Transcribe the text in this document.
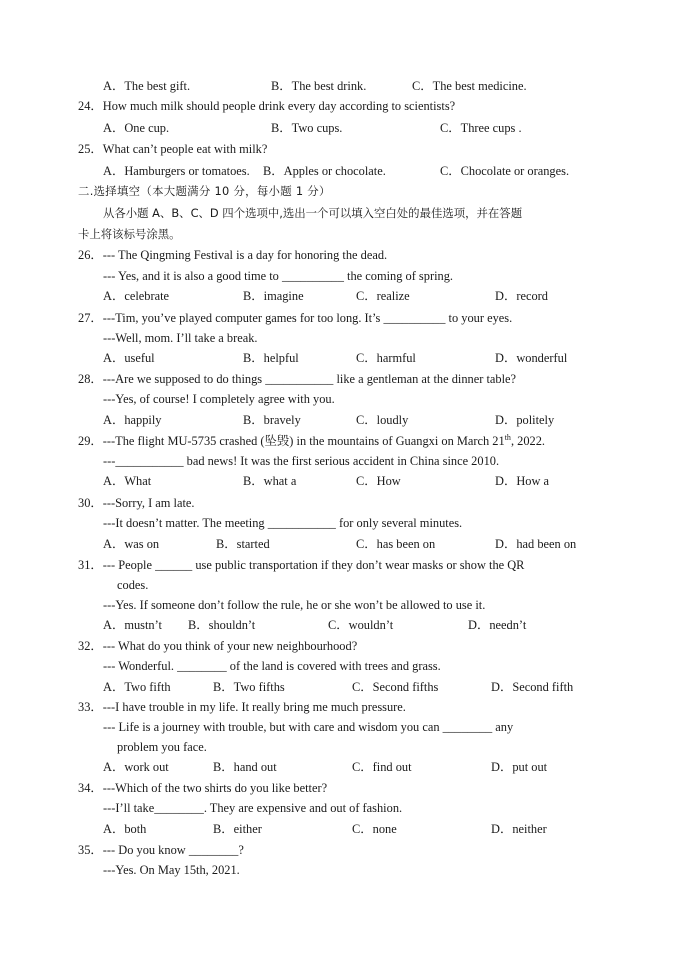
A．The best gift.	B．The best drink.	C．The best medicine.
24．How much milk should people drink every day according to scientists?
A．One cup.	B．Two cups.	C．Three cups .
25．What can’t people eat with milk?
A．Hamburgers or tomatoes. B．Apples or chocolate.	C．Chocolate or oranges.
二.选择填空（本大题满分 10 分，每小题 1 分）
从各小题 A、B、C、D 四个选项中,选出一个可以填入空白处的最佳选项，并在答题
卡上将该标号涂黑。
26．--- The Qingming Festival is a day for honoring the dead.
--- Yes, and it is also a good time to __________ the coming of spring.
A．celebrate	B．imagine	C．realize	D．record
27．---Tim, you’ve played computer games for too long. It’s __________ to your eyes.
---Well, mom. I’ll take a break.
A．useful	B．helpful	C．harmful	D．wonderful
28．---Are we supposed to do things ___________ like a gentleman at the dinner table?
---Yes, of course! I completely agree with you.
A．happily	B．bravely	C．loudly	D．politely
29．---The flight MU-5735 crashed (坠毁) in the mountains of Guangxi on March 21th, 2022.
---___________ bad news! It was the first serious accident in China since 2010.
A．What	B．what a	C．How	D．How a
30．---Sorry, I am late.
---It doesn’t matter. The meeting ___________ for only several minutes.
A．was on	B．started	C．has been on	D．had been on
31．--- People ______ use public transportation if they don’t wear masks or show the QR
codes.
---Yes. If someone don’t follow the rule, he or she won’t be allowed to use it.
A．mustn’t B．shouldn’t	C．wouldn’t	D．needn’t
32．--- What do you think of your new neighbourhood?
--- Wonderful. ________ of the land is covered with trees and grass.
A．Two fifth	B．Two fifths	C．Second fifths	D．Second fifth
33．---I have trouble in my life. It really bring me much pressure.
--- Life is a journey with trouble, but with care and wisdom you can ________ any
problem you face.
A．work out	B．hand out	C．find out	D．put out
34．---Which of the two shirts do you like better?
---I’ll take________. They are expensive and out of fashion.
A．both	B．either	C．none	D．neither
35．--- Do you know ________?
---Yes. On May 15th, 2021.
